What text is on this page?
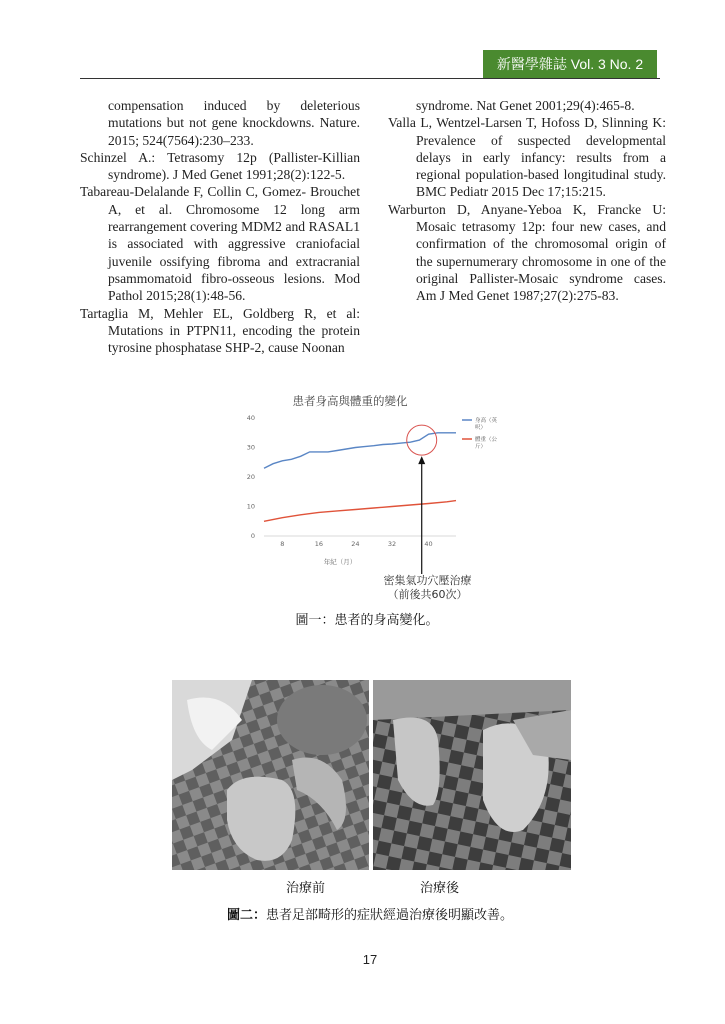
新醫學雜誌 Vol. 3 No. 2

compensation induced by deleterious mutations but not gene knockdowns. Nature. 2015; 524(7564):230–233.

Schinzel A.: Tetrasomy 12p (Pallister-Killian syndrome). J Med Genet 1991;28(2):122-5.

Tabareau-Delalande F, Collin C, Gomez- Brouchet A, et al. Chromosome 12 long arm rearrangement covering MDM2 and RASAL1 is associated with aggressive craniofacial juvenile ossifying fibroma and extracranial psammomatoid fibro-osseous lesions. Mod Pathol 2015;28(1):48-56.

Tartaglia M, Mehler EL, Goldberg R, et al: Mutations in PTPN11, encoding the protein tyrosine phosphatase SHP-2, cause Noonan

syndrome. Nat Genet 2001;29(4):465-8.

Valla L, Wentzel-Larsen T, Hofoss D, Slinning K: Prevalence of suspected developmental delays in early infancy: results from a regional population-based longitudinal study. BMC Pediatr 2015 Dec 17;15:215.

Warburton D, Anyane-Yeboa K, Francke U: Mosaic tetrasomy 12p: four new cases, and confirmation of the chromosomal origin of the supernumerary chromosome in one of the original Pallister-Mosaic syndrome cases. Am J Med Genet 1987;27(2):275-83.

患者身高與體重的變化
年紀（月）
0
10
20
30
40
8	16	24	32	40
身高（英
呎）
體重（公
斤）
密集氣功穴壓治療（前後共60次）
圖一：患者的身高變化。
治療前	治療後
圖二：患者足部畸形的症狀經過治療後明顯改善。
17
